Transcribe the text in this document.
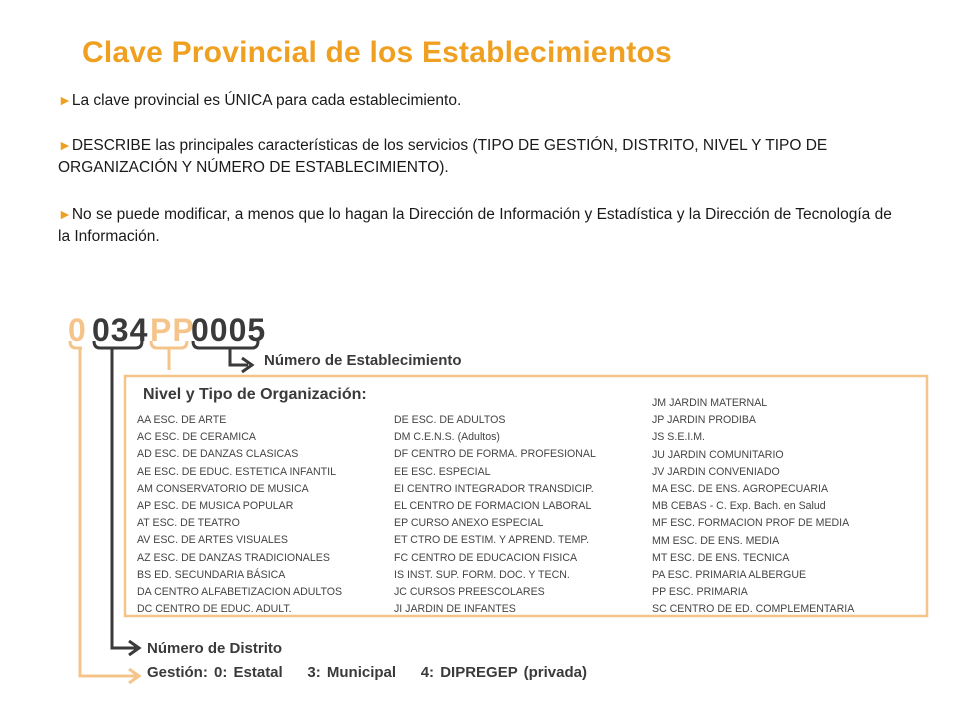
Clave Provincial de los Establecimientos
►La clave provincial es ÚNICA para cada establecimiento.
►DESCRIBE las principales características de los servicios (TIPO DE GESTIÓN, DISTRITO, NIVEL Y TIPO DE ORGANIZACIÓN Y NÚMERO DE ESTABLECIMIENTO).
►No se puede modificar, a menos que lo hagan la Dirección de Información y Estadística y la Dirección de Tecnología de la Información.
0 034 PP
0005
Número de Establecimiento
Nivel y Tipo de Organización:
Número de Distrito
Gestión: 0: Estatal    3: Municipal    4: DIPREGEP (privada)
AA ESC. DE ARTE
AC ESC. DE CERAMICA
AD ESC. DE DANZAS CLASICAS
AE ESC. DE EDUC. ESTETICA INFANTIL
AM CONSERVATORIO DE MUSICA
AP ESC. DE MUSICA POPULAR
AT ESC. DE TEATRO
AV ESC. DE ARTES VISUALES
AZ ESC. DE DANZAS TRADICIONALES
BS ED. SECUNDARIA BÁSICA
DA CENTRO ALFABETIZACION ADULTOS
DC CENTRO DE EDUC. ADULT.
DE ESC. DE ADULTOS
DM C.E.N.S. (Adultos)
DF CENTRO DE FORMA. PROFESIONAL
EE ESC. ESPECIAL
EI CENTRO INTEGRADOR TRANSDICIP.
EL CENTRO DE FORMACION LABORAL
EP CURSO ANEXO ESPECIAL
ET CTRO DE ESTIM. Y APREND. TEMP.
FC CENTRO DE EDUCACION FISICA
IS INST. SUP. FORM. DOC. Y TECN.
JC CURSOS PREESCOLARES
JI JARDIN DE INFANTES
JM JARDIN MATERNAL
JP JARDIN PRODIBA
JS S.E.I.M.
JU JARDIN COMUNITARIO
JV JARDIN CONVENIADO
MA ESC. DE ENS. AGROPECUARIA
MB CEBAS - C. Exp. Bach. en Salud
MF ESC. FORMACION PROF DE MEDIA
MM ESC. DE ENS. MEDIA
MT ESC. DE ENS. TECNICA
PA ESC. PRIMARIA ALBERGUE
PP ESC. PRIMARIA
SC CENTRO DE ED. COMPLEMENTARIA
